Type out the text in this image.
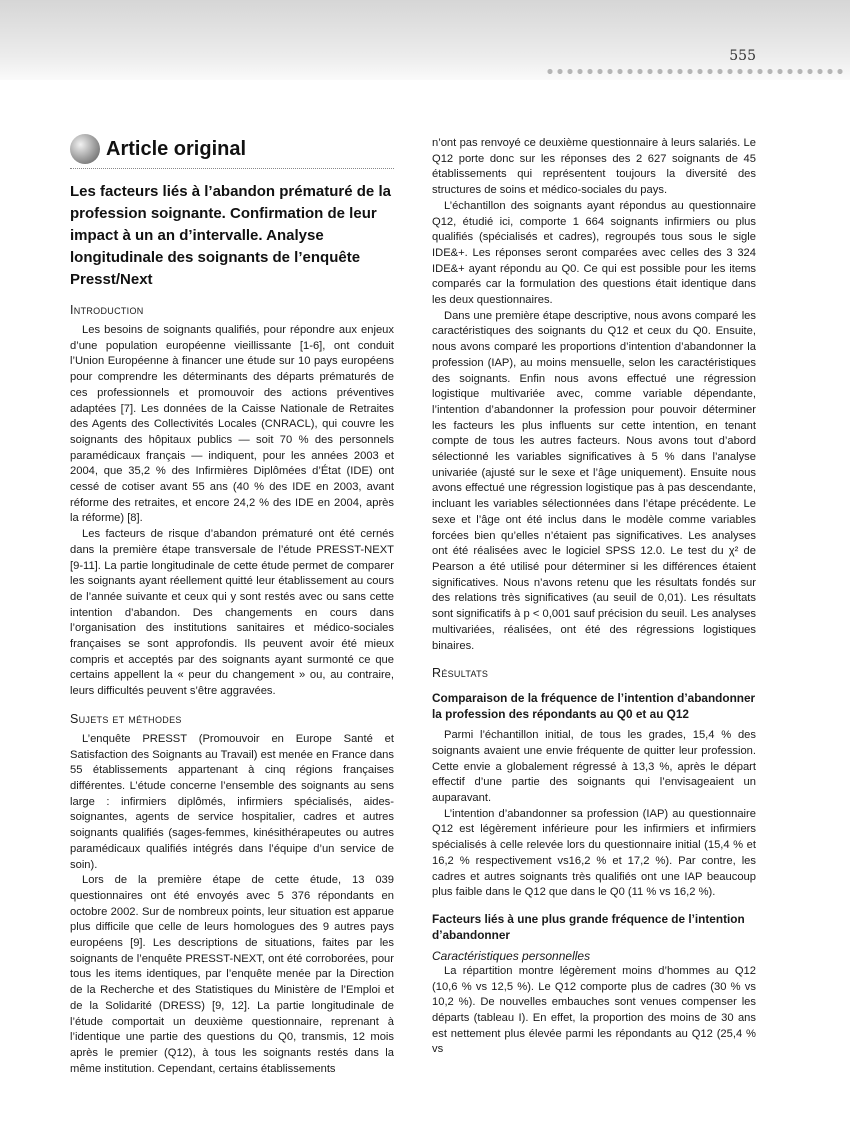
555
Article original
Les facteurs liés à l’abandon prématuré de la profession soignante. Confirmation de leur impact à un an d’intervalle. Analyse longitudinale des soignants de l’enquête Presst/Next
Introduction

Les besoins de soignants qualifiés, pour répondre aux enjeux d’une population européenne vieillissante [1-6], ont conduit l’Union Européenne à financer une étude sur 10 pays européens pour comprendre les déterminants des départs prématurés de ces professionnels et promouvoir des actions préventives adaptées [7]. Les données de la Caisse Nationale de Retraites des Agents des Collectivités Locales (CNRACL), qui couvre les soignants des hôpitaux publics — soit 70 % des personnels paramédicaux français — indiquent, pour les années 2003 et 2004, que 35,2 % des Infirmières Diplômées d’État (IDE) ont cessé de cotiser avant 55 ans (40 % des IDE en 2003, avant réforme des retraites, et encore 24,2 % des IDE en 2004, après la réforme) [8].

Les facteurs de risque d’abandon prématuré ont été cernés dans la première étape transversale de l’étude PRESST-NEXT [9-11]. La partie longitudinale de cette étude permet de comparer les soignants ayant réellement quitté leur établissement au cours de l’année suivante et ceux qui y sont restés avec ou sans cette intention d’abandon. Des changements en cours dans l’organisation des institutions sanitaires et médico-sociales françaises se sont approfondis. Ils peuvent avoir été mieux compris et acceptés par des soignants ayant surmonté ce que certains appellent la « peur du changement » ou, au contraire, leurs difficultés peuvent s’être aggravées.

Sujets et méthodes

L’enquête PRESST (Promouvoir en Europe Santé et Satisfaction des Soignants au Travail) est menée en France dans 55 établissements appartenant à cinq régions françaises différentes. L’étude concerne l’ensemble des soignants au sens large : infirmiers diplômés, infirmiers spécialisés, aides-soignantes, agents de service hospitalier, cadres et autres soignants qualifiés (sages-femmes, kinésithérapeutes ou autres paramédicaux qualifiés intégrés dans l’équipe d’un service de soin).

Lors de la première étape de cette étude, 13 039 questionnaires ont été envoyés avec 5 376 répondants en octobre 2002. Sur de nombreux points, leur situation est apparue plus difficile que celle de leurs homologues des 9 autres pays européens [9]. Les descriptions de situations, faites par les soignants de l’enquête PRESST-NEXT, ont été corroborées, pour tous les items identiques, par l’enquête menée par la Direction de la Recherche et des Statistiques du Ministère de l’Emploi et de la Solidarité (DRESS) [9, 12]. La partie longitudinale de l’étude comportait un deuxième questionnaire, reprenant à l’identique une partie des questions du Q0, transmis, 12 mois après le premier (Q12), à tous les soignants restés dans la même institution. Cependant, certains établissements

n’ont pas renvoyé ce deuxième questionnaire à leurs salariés. Le Q12 porte donc sur les réponses des 2 627 soignants de 45 établissements qui représentent toujours la diversité des structures de soins et médico-sociales du pays.

L’échantillon des soignants ayant répondus au questionnaire Q12, étudié ici, comporte 1 664 soignants infirmiers ou plus qualifiés (spécialisés et cadres), regroupés tous sous le sigle IDE&+. Les réponses seront comparées avec celles des 3 324 IDE&+ ayant répondu au Q0. Ce qui est possible pour les items comparés car la formulation des questions était identique dans les deux questionnaires.

Dans une première étape descriptive, nous avons comparé les caractéristiques des soignants du Q12 et ceux du Q0. Ensuite, nous avons comparé les proportions d’intention d’abandonner la profession (IAP), au moins mensuelle, selon les caractéristiques des soignants. Enfin nous avons effectué une régression logistique multivariée avec, comme variable dépendante, l’intention d’abandonner la profession pour pouvoir déterminer les facteurs les plus influents sur cette intention, en tenant compte de tous les autres facteurs. Nous avons tout d’abord sélectionné les variables significatives à 5 % dans l’analyse univariée (ajusté sur le sexe et l’âge uniquement). Ensuite nous avons effectué une régression logistique pas à pas descendante, incluant les variables sélectionnées dans l’étape précédente. Le sexe et l’âge ont été inclus dans le modèle comme variables forcées bien qu’elles n’étaient pas significatives. Les analyses ont été réalisées avec le logiciel SPSS 12.0. Le test du χ² de Pearson a été utilisé pour déterminer si les différences étaient significatives. Nous n’avons retenu que les résultats fondés sur des relations très significatives (au seuil de 0,01). Les résultats sont significatifs à p < 0,001 sauf précision du seuil. Les analyses multivariées, réalisées, ont été des régressions logistiques binaires.

Résultats
Comparaison de la fréquence de l’intention d’abandonner la profession des répondants au Q0 et au Q12

Parmi l’échantillon initial, de tous les grades, 15,4 % des soignants avaient une envie fréquente de quitter leur profession. Cette envie a globalement régressé à 13,3 %, après le départ effectif d’une partie des soignants qui l’envisageaient un auparavant.

L’intention d’abandonner sa profession (IAP) au questionnaire Q12 est légèrement inférieure pour les infirmiers et infirmiers spécialisés à celle relevée lors du questionnaire initial (15,4 % et 16,2 % respectivement vs16,2 % et 17,2 %). Par contre, les cadres et autres soignants très qualifiés ont une IAP beaucoup plus faible dans le Q12 que dans le Q0 (11 % vs 16,2 %).

Facteurs liés à une plus grande fréquence de l’intention d’abandonner
Caractéristiques personnelles

La répartition montre légèrement moins d’hommes au Q12 (10,6 % vs 12,5 %). Le Q12 comporte plus de cadres (30 % vs 10,2 %). De nouvelles embauches sont venues compenser les départs (tableau I). En effet, la proportion des moins de 30 ans est nettement plus élevée parmi les répondants au Q12 (25,4 % vs
